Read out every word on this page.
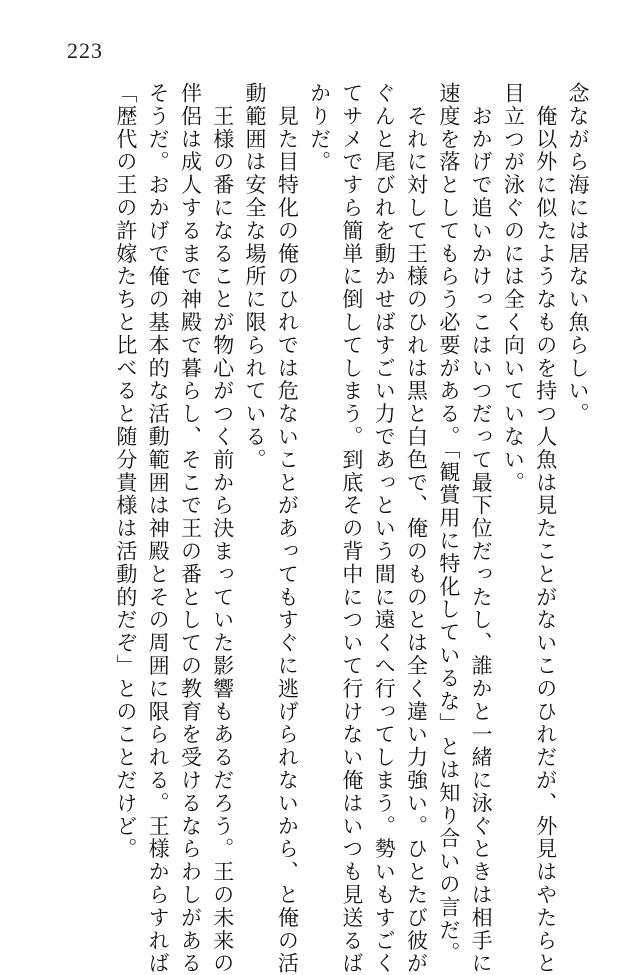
223
念ながら海には居ない魚らしい。
　俺以外に似たようなものを持つ人魚は見たことがないこのひれだが、外見はやたらと
目立つが泳ぐのには全く向いていない。
　おかげで追いかけっこはいつだって最下位だったし、誰かと一緒に泳ぐときは相手に
速度を落としてもらう必要がある。「観賞用に特化しているな」とは知り合いの言だ。
　それに対して王様のひれは黒と白色で、俺のものとは全く違い力強い。ひとたび彼が
ぐんと尾びれを動かせばすごい力であっという間に遠くへ行ってしまう。勢いもすごく
てサメですら簡単に倒してしまう。到底その背中について行けない俺はいつも見送るば
かりだ。
　見た目特化の俺のひれでは危ないことがあってもすぐに逃げられないから、と俺の活
動範囲は安全な場所に限られている。
　王様の番になることが物心がつく前から決まっていた影響もあるだろう。王の未来の
伴侶は成人するまで神殿で暮らし、そこで王の番としての教育を受けるならわしがある
そうだ。おかげで俺の基本的な活動範囲は神殿とその周囲に限られる。王様からすれば
「歴代の王の許嫁たちと比べると随分貴様は活動的だぞ」とのことだけど。
